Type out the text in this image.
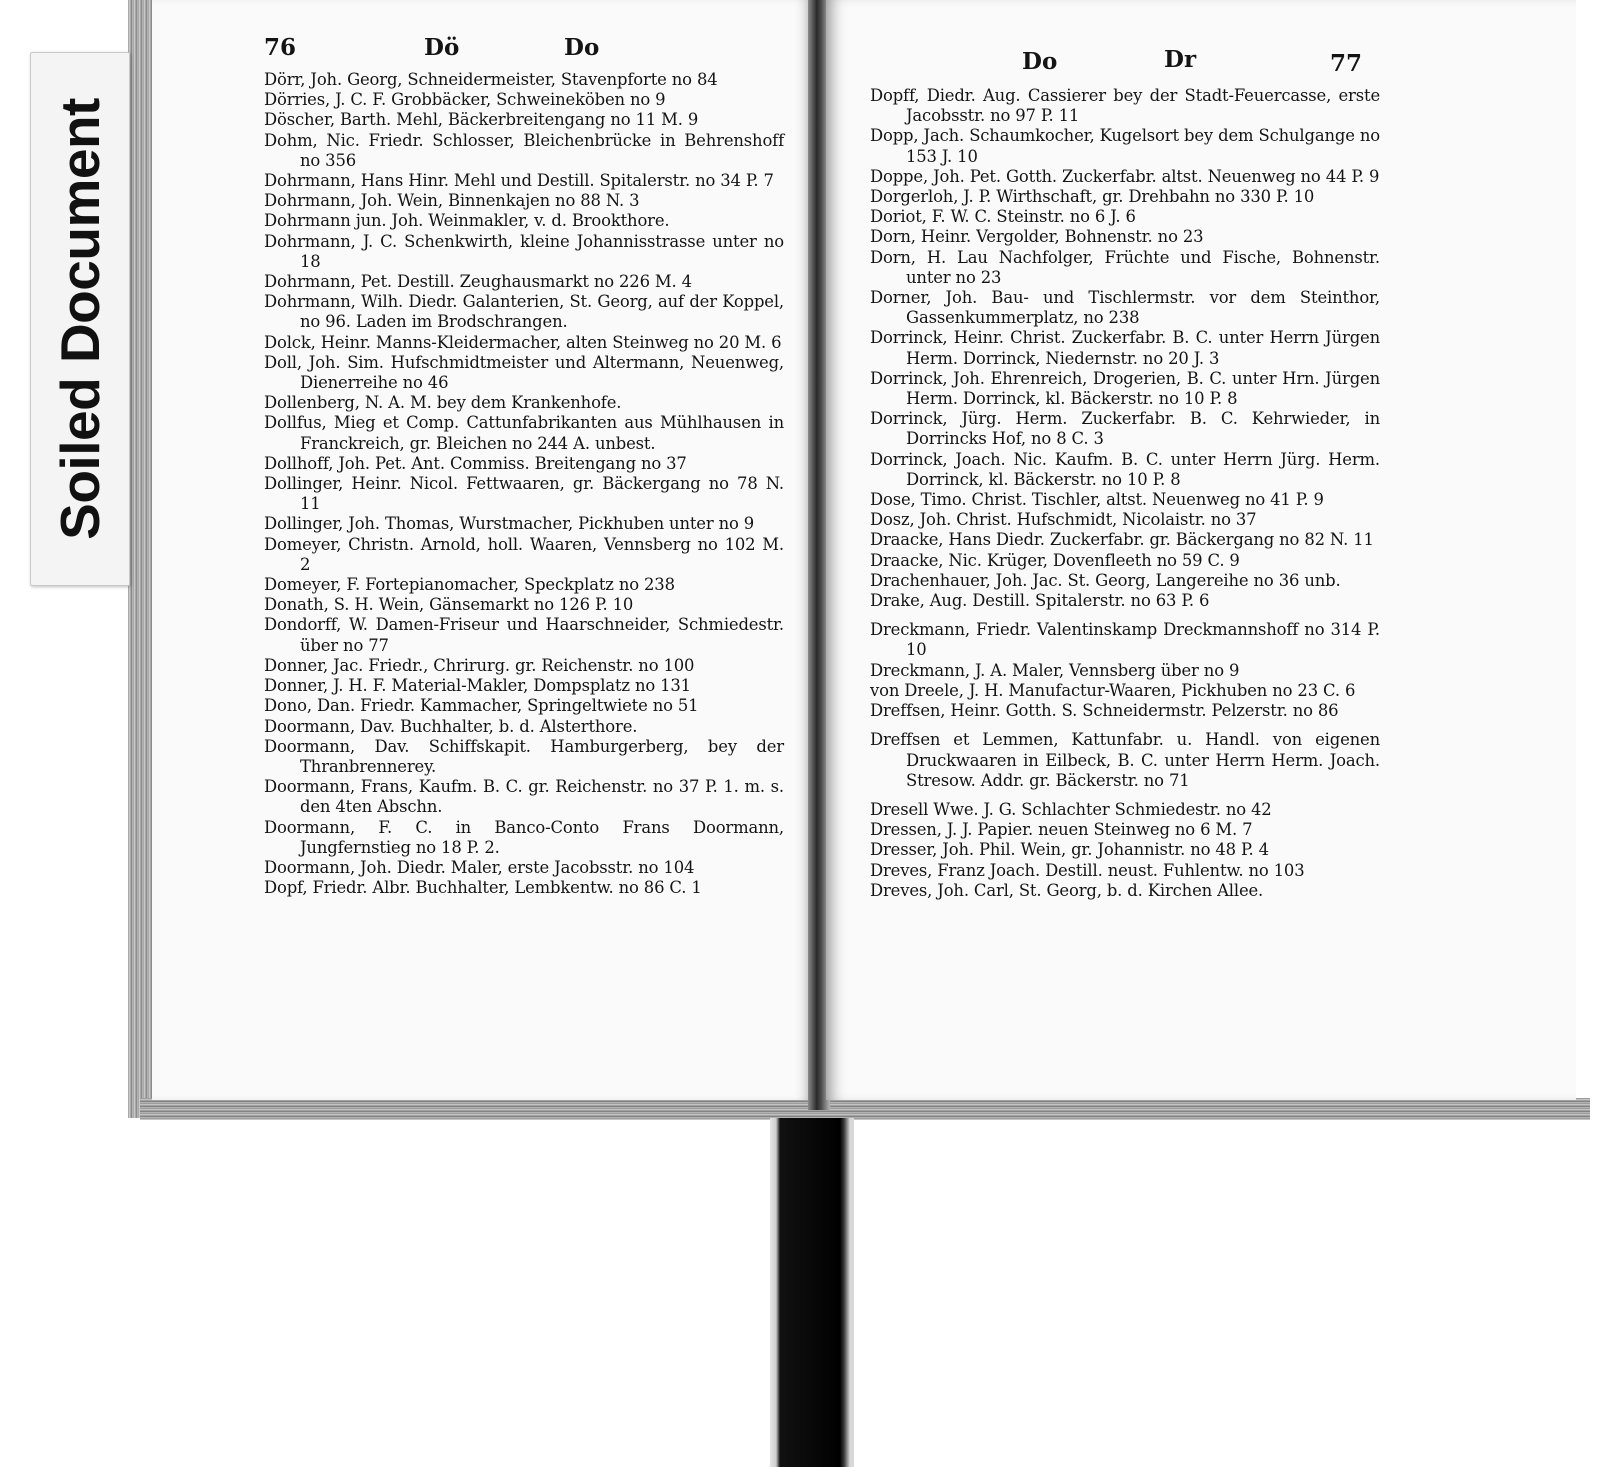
76	Dö	Do

Dörr, Joh. Georg, Schneidermeister, Stavenpforte no 84

Dörries, J. C. F. Grobbäcker, Schweineköben no 9

Döscher, Barth. Mehl, Bäckerbreitengang no 11 M. 9

Dohm, Nic. Friedr. Schlosser, Bleichenbrücke in Behrenshoff no 356

Dohrmann, Hans Hinr. Mehl und Destill. Spitalerstr. no 34 P. 7

Dohrmann, Joh. Wein, Binnenkajen no 88 N. 3

Dohrmann jun. Joh. Weinmakler, v. d. Brookthore.

Dohrmann, J. C. Schenkwirth, kleine Johannisstrasse unter no 18

Dohrmann, Pet. Destill. Zeughausmarkt no 226 M. 4

Dohrmann, Wilh. Diedr. Galanterien, St. Georg, auf der Koppel, no 96. Laden im Brodschrangen.

Dolck, Heinr. Manns-Kleidermacher, alten Steinweg no 20 M. 6

Doll, Joh. Sim. Hufschmidtmeister und Altermann, Neuenweg, Dienerreihe no 46

Dollenberg, N. A. M. bey dem Krankenhofe.

Dollfus, Mieg et Comp. Cattunfabrikanten aus Mühlhausen in Franckreich, gr. Bleichen no 244 A. unbest.

Dollhoff, Joh. Pet. Ant. Commiss. Breitengang no 37

Dollinger, Heinr. Nicol. Fettwaaren, gr. Bäckergang no 78 N. 11

Dollinger, Joh. Thomas, Wurstmacher, Pickhuben unter no 9

Domeyer, Christn. Arnold, holl. Waaren, Vennsberg no 102 M. 2

Domeyer, F. Fortepianomacher, Speckplatz no 238

Donath, S. H. Wein, Gänsemarkt no 126 P. 10

Dondorff, W. Damen-Friseur und Haarschneider, Schmiedestr. über no 77

Donner, Jac. Friedr., Chrirurg. gr. Reichenstr. no 100

Donner, J. H. F. Material-Makler, Dompsplatz no 131

Dono, Dan. Friedr. Kammacher, Springeltwiete no 51

Doormann, Dav. Buchhalter, b. d. Alsterthore.

Doormann, Dav. Schiffskapit. Hamburgerberg, bey der Thranbrennerey.

Doormann, Frans, Kaufm. B. C. gr. Reichenstr. no 37 P. 1. m. s. den 4ten Abschn.

Doormann, F. C. in Banco-Conto Frans Doormann, Jungfernstieg no 18 P. 2.

Doormann, Joh. Diedr. Maler, erste Jacobsstr. no 104

Dopf, Friedr. Albr. Buchhalter, Lembkentw. no 86 C. 1

Do	Dr	77

Dopff, Diedr. Aug. Cassierer bey der Stadt-Feuercasse, erste Jacobsstr. no 97 P. 11

Dopp, Jach. Schaumkocher, Kugelsort bey dem Schulgange no 153 J. 10

Doppe, Joh. Pet. Gotth. Zuckerfabr. altst. Neuenweg no 44 P. 9

Dorgerloh, J. P. Wirthschaft, gr. Drehbahn no 330 P. 10

Doriot, F. W. C. Steinstr. no 6 J. 6

Dorn, Heinr. Vergolder, Bohnenstr. no 23

Dorn, H. Lau Nachfolger, Früchte und Fische, Bohnenstr. unter no 23

Dorner, Joh. Bau- und Tischlermstr. vor dem Steinthor, Gassenkummerplatz, no 238

Dorrinck, Heinr. Christ. Zuckerfabr. B. C. unter Herrn Jürgen Herm. Dorrinck, Niedernstr. no 20 J. 3

Dorrinck, Joh. Ehrenreich, Drogerien, B. C. unter Hrn. Jürgen Herm. Dorrinck, kl. Bäckerstr. no 10 P. 8

Dorrinck, Jürg. Herm. Zuckerfabr. B. C. Kehrwieder, in Dorrincks Hof, no 8 C. 3

Dorrinck, Joach. Nic. Kaufm. B. C. unter Herrn Jürg. Herm. Dorrinck, kl. Bäckerstr. no 10 P. 8

Dose, Timo. Christ. Tischler, altst. Neuenweg no 41 P. 9

Dosz, Joh. Christ. Hufschmidt, Nicolaistr. no 37

Draacke, Hans Diedr. Zuckerfabr. gr. Bäckergang no 82 N. 11

Draacke, Nic. Krüger, Dovenfleeth no 59 C. 9

Drachenhauer, Joh. Jac. St. Georg, Langereihe no 36 unb.

Drake, Aug. Destill. Spitalerstr. no 63 P. 6

Dreckmann, Friedr. Valentinskamp Dreckmannshoff no 314 P. 10

Dreckmann, J. A. Maler, Vennsberg über no 9

von Dreele, J. H. Manufactur-Waaren, Pickhuben no 23 C. 6

Dreffsen, Heinr. Gotth. S. Schneidermstr. Pelzerstr. no 86

Dreffsen et Lemmen, Kattunfabr. u. Handl. von eigenen Druckwaaren in Eilbeck, B. C. unter Herrn Herm. Joach. Stresow. Addr. gr. Bäckerstr. no 71

Dresell Wwe. J. G. Schlachter Schmiedestr. no 42

Dressen, J. J. Papier. neuen Steinweg no 6 M. 7

Dresser, Joh. Phil. Wein, gr. Johannistr. no 48 P. 4

Dreves, Franz Joach. Destill. neust. Fuhlentw. no 103

Dreves, Joh. Carl, St. Georg, b. d. Kirchen Allee.

Soiled Document
